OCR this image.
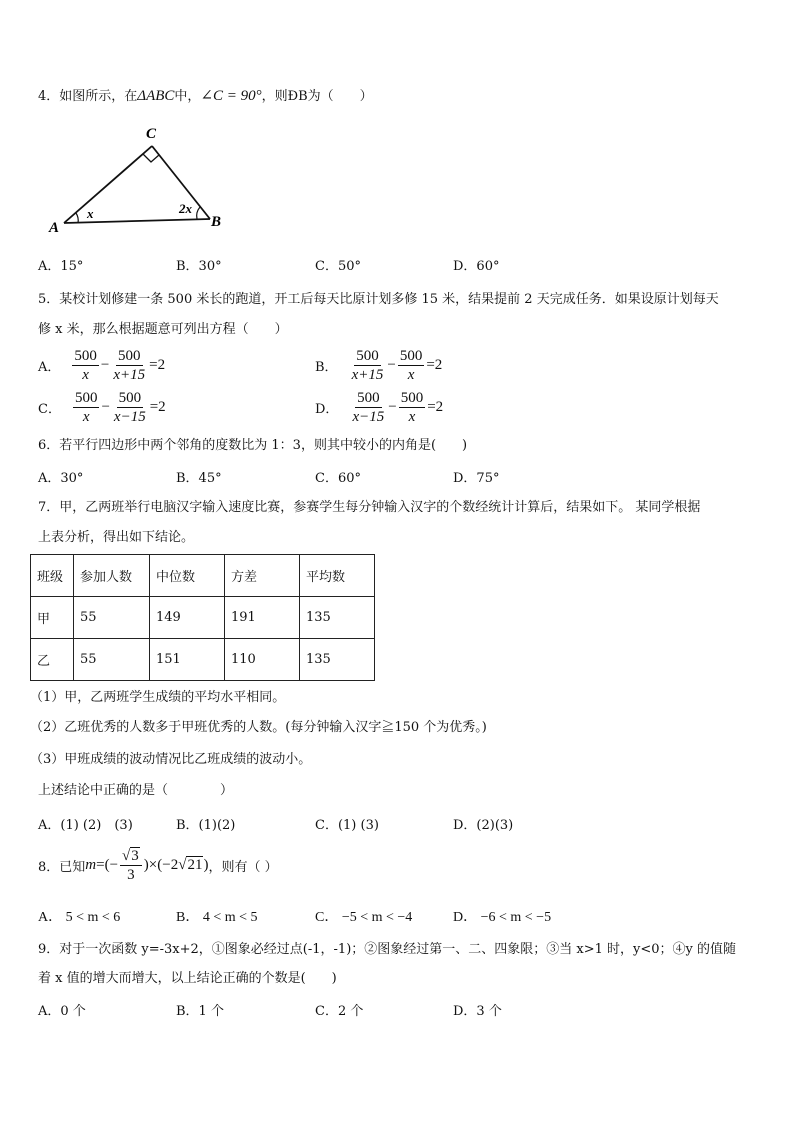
4．如图所示，在ΔABC中，∠C = 90°，则ÐB为（　　）
C
A	B
x	2x
A．15°	B．30°	C．50°	D．60°
5．某校计划修建一条 500 米长的跑道，开工后每天比原计划多修 15 米，结果提前 2 天完成任务．如果设原计划每天
修 x 米，那么根据题意可列出方程（　　）
A． $\frac{500}{x} - \frac{500}{x+15} =2$	B． $\frac{500}{x+15} - \frac{500}{x} =2$
C． $\frac{500}{x} - \frac{500}{x-15} =2$	D． $\frac{500}{x-15} - \frac{500}{x} =2$
6．若平行四边形中两个邻角的度数比为 1：3，则其中较小的内角是(　　)
A．30°	B．45°	C．60°	D．75°
7．甲，乙两班举行电脑汉字输入速度比赛，参赛学生每分钟输入汉字的个数经统计计算后，结果如下。 某同学根据
上表分析，得出如下结论。
班级	参加人数	中位数	方差	平均数
甲	55	149	191	135
乙	55	151	110	135
（1）甲，乙两班学生成绩的平均水平相同。
（2）乙班优秀的人数多于甲班优秀的人数。(每分钟输入汉字≧150 个为优秀。)
（3）甲班成绩的波动情况比乙班成绩的波动小。
上述结论中正确的是（　　　　）
A．(1) (2)　(3)	B．(1)(2)	C．(1) (3)	D．(2)(3)
8．已知 m =(− $\frac{√3}{3} )\times(-2$ √21 ) ，则有（ ）
A． 5 < m < 6	B． 4 < m < 5	C． −5 < m < −4	D． −6 < m < −5
9．对于一次函数 y=-3x+2，①图象必经过点(-1，-1)；②图象经过第一、二、四象限；③当 x>1 时，y<0；④y 的值随
着 x 值的增大而增大，以上结论正确的个数是(　　)
A．0 个	B．1 个	C．2 个	D．3 个
